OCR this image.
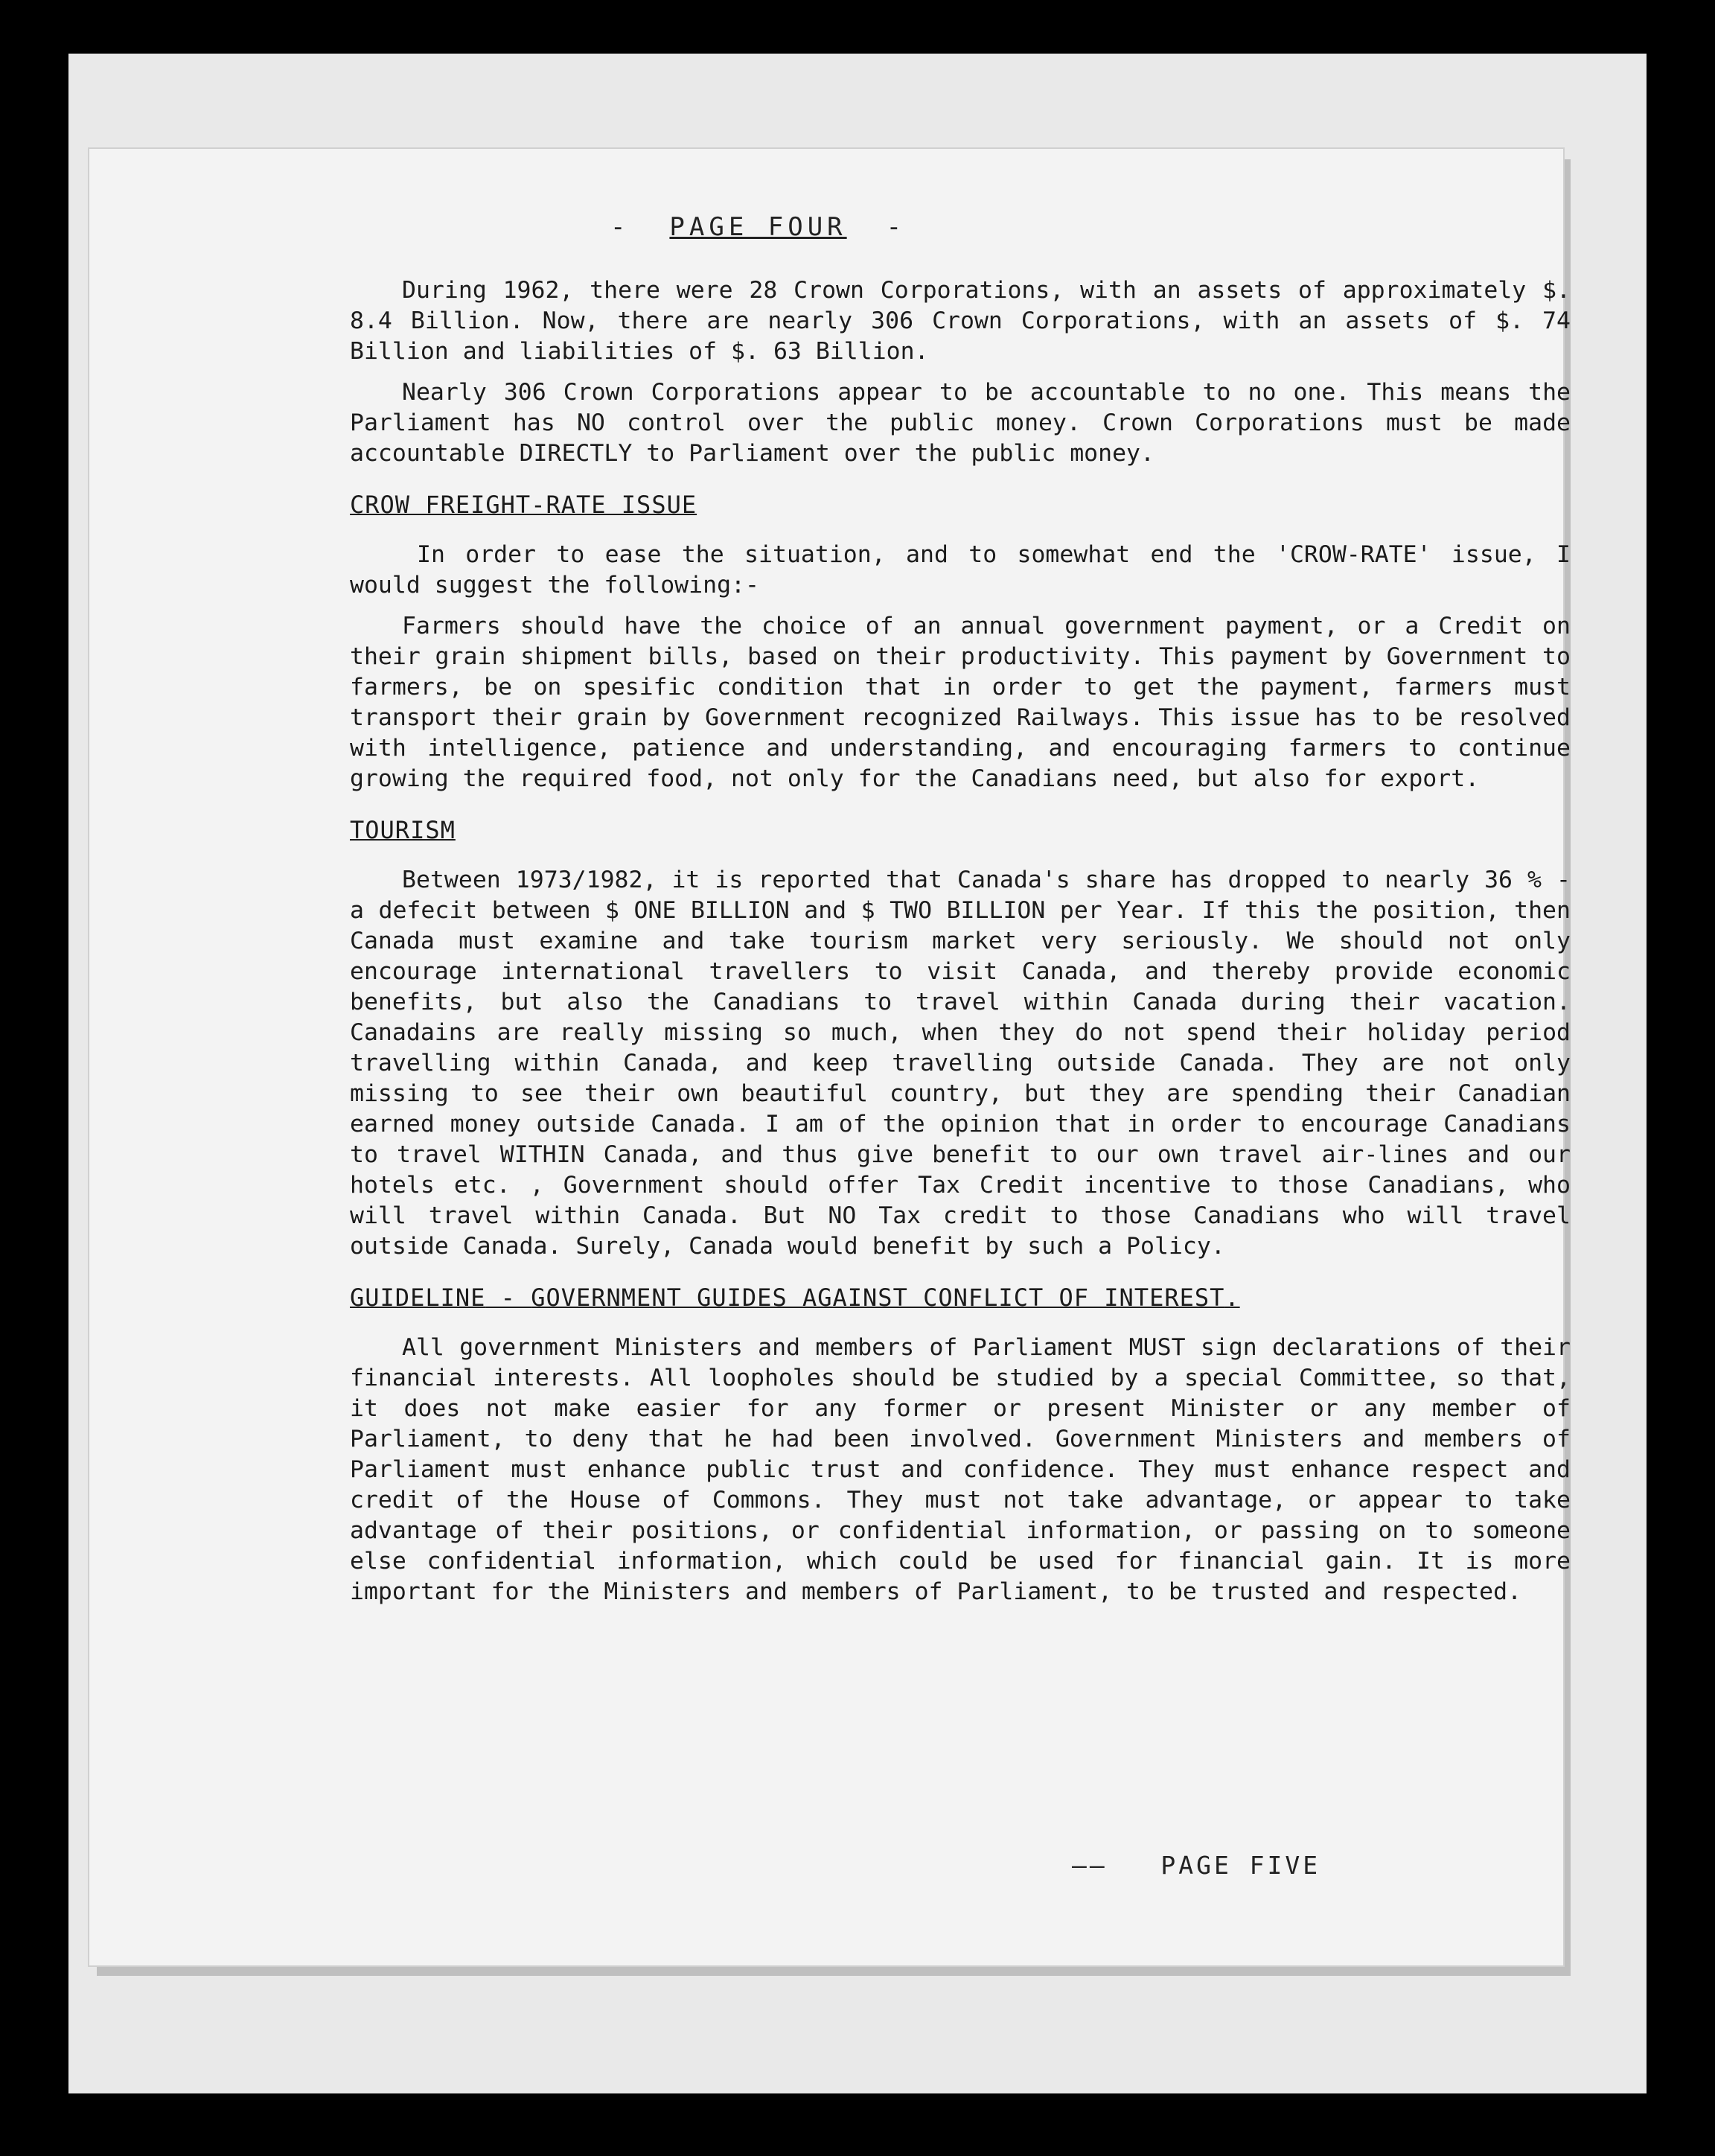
-  PAGE FOUR  -

During 1962, there were 28 Crown Corporations, with an assets of approximately $. 8.4 Billion. Now, there are nearly 306 Crown Corporations, with an assets of $. 74 Billion and liabilities of $. 63 Billion.

Nearly 306 Crown Corporations appear to be accountable to no one. This means the Parliament has NO control over the public money. Crown Corporations must be made accountable DIRECTLY to Parliament over the public money.

CROW FREIGHT-RATE ISSUE

In order to ease the situation, and to somewhat end the 'CROW-RATE' issue, I would suggest the following:-

Farmers should have the choice of an annual government payment, or a Credit on their grain shipment bills, based on their productivity. This payment by Government to farmers, be on spesific condition that in order to get the payment, farmers must transport their grain by Government recognized Railways. This issue has to be resolved with intelligence, patience and understanding, and encouraging farmers to continue growing the required food, not only for the Canadians need, but also for export.

TOURISM

Between 1973/1982, it is reported that Canada's share has dropped to nearly 36 % - a defecit between $ ONE BILLION and $ TWO BILLION per Year. If this the position, then Canada must examine and take tourism market very seriously. We should not only encourage international travellers to visit Canada, and thereby provide economic benefits, but also the Canadians to travel within Canada during their vacation. Canadains are really missing so much, when they do not spend their holiday period travelling within Canada, and keep travelling outside Canada. They are not only missing to see their own beautiful country, but they are spending their Canadian earned money outside Canada. I am of the opinion that in order to encourage Canadians to travel WITHIN Canada, and thus give benefit to our own travel air-lines and our hotels etc. , Government should offer Tax Credit incentive to those Canadians, who will travel within Canada. But NO Tax credit to those Canadians who will travel outside Canada. Surely, Canada would benefit by such a Policy.

GUIDELINE - GOVERNMENT GUIDES AGAINST CONFLICT OF INTEREST.

All government Ministers and members of Parliament MUST sign declarations of their financial interests. All loopholes should be studied by a special Committee, so that, it does not make easier for any former or present Minister or any member of Parliament, to deny that he had been involved. Government Ministers and members of Parliament must enhance public trust and confidence. They must enhance respect and credit of the House of Commons. They must not take advantage, or appear to take advantage of their positions, or confidential information, or passing on to someone else confidential information, which could be used for financial gain. It is more important for the Ministers and members of Parliament, to be trusted and respected.

——   PAGE FIVE
